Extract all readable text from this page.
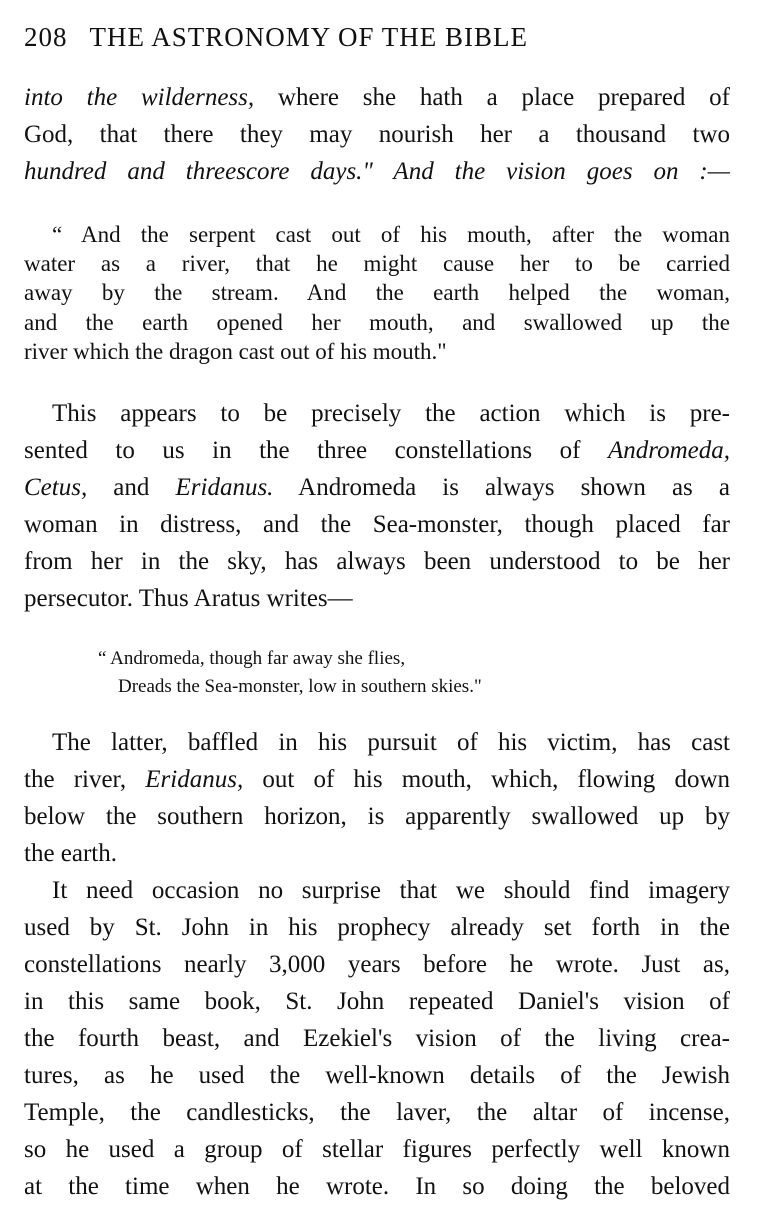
208 THE ASTRONOMY OF THE BIBLE
into the wilderness, where she hath a place prepared of
God, that there they may nourish her a thousand two
hundred and threescore days." And the vision goes on :—
“ And the serpent cast out of his mouth, after the woman
water as a river, that he might cause her to be carried
away by the stream. And the earth helped the woman,
and the earth opened her mouth, and swallowed up the
river which the dragon cast out of his mouth."
This appears to be precisely the action which is pre-
sented to us in the three constellations of Andromeda,
Cetus, and Eridanus. Andromeda is always shown as a
woman in distress, and the Sea-monster, though placed far
from her in the sky, has always been understood to be her
persecutor. Thus Aratus writes—
“ Andromeda, though far away she flies,
Dreads the Sea-monster, low in southern skies."
The latter, baffled in his pursuit of his victim, has cast
the river, Eridanus, out of his mouth, which, flowing down
below the southern horizon, is apparently swallowed up by
the earth.
It need occasion no surprise that we should find imagery
used by St. John in his prophecy already set forth in the
constellations nearly 3,000 years before he wrote. Just as,
in this same book, St. John repeated Daniel's vision of
the fourth beast, and Ezekiel's vision of the living crea-
tures, as he used the well-known details of the Jewish
Temple, the candlesticks, the laver, the altar of incense,
so he used a group of stellar figures perfectly well known
at the time when he wrote. In so doing the beloved
